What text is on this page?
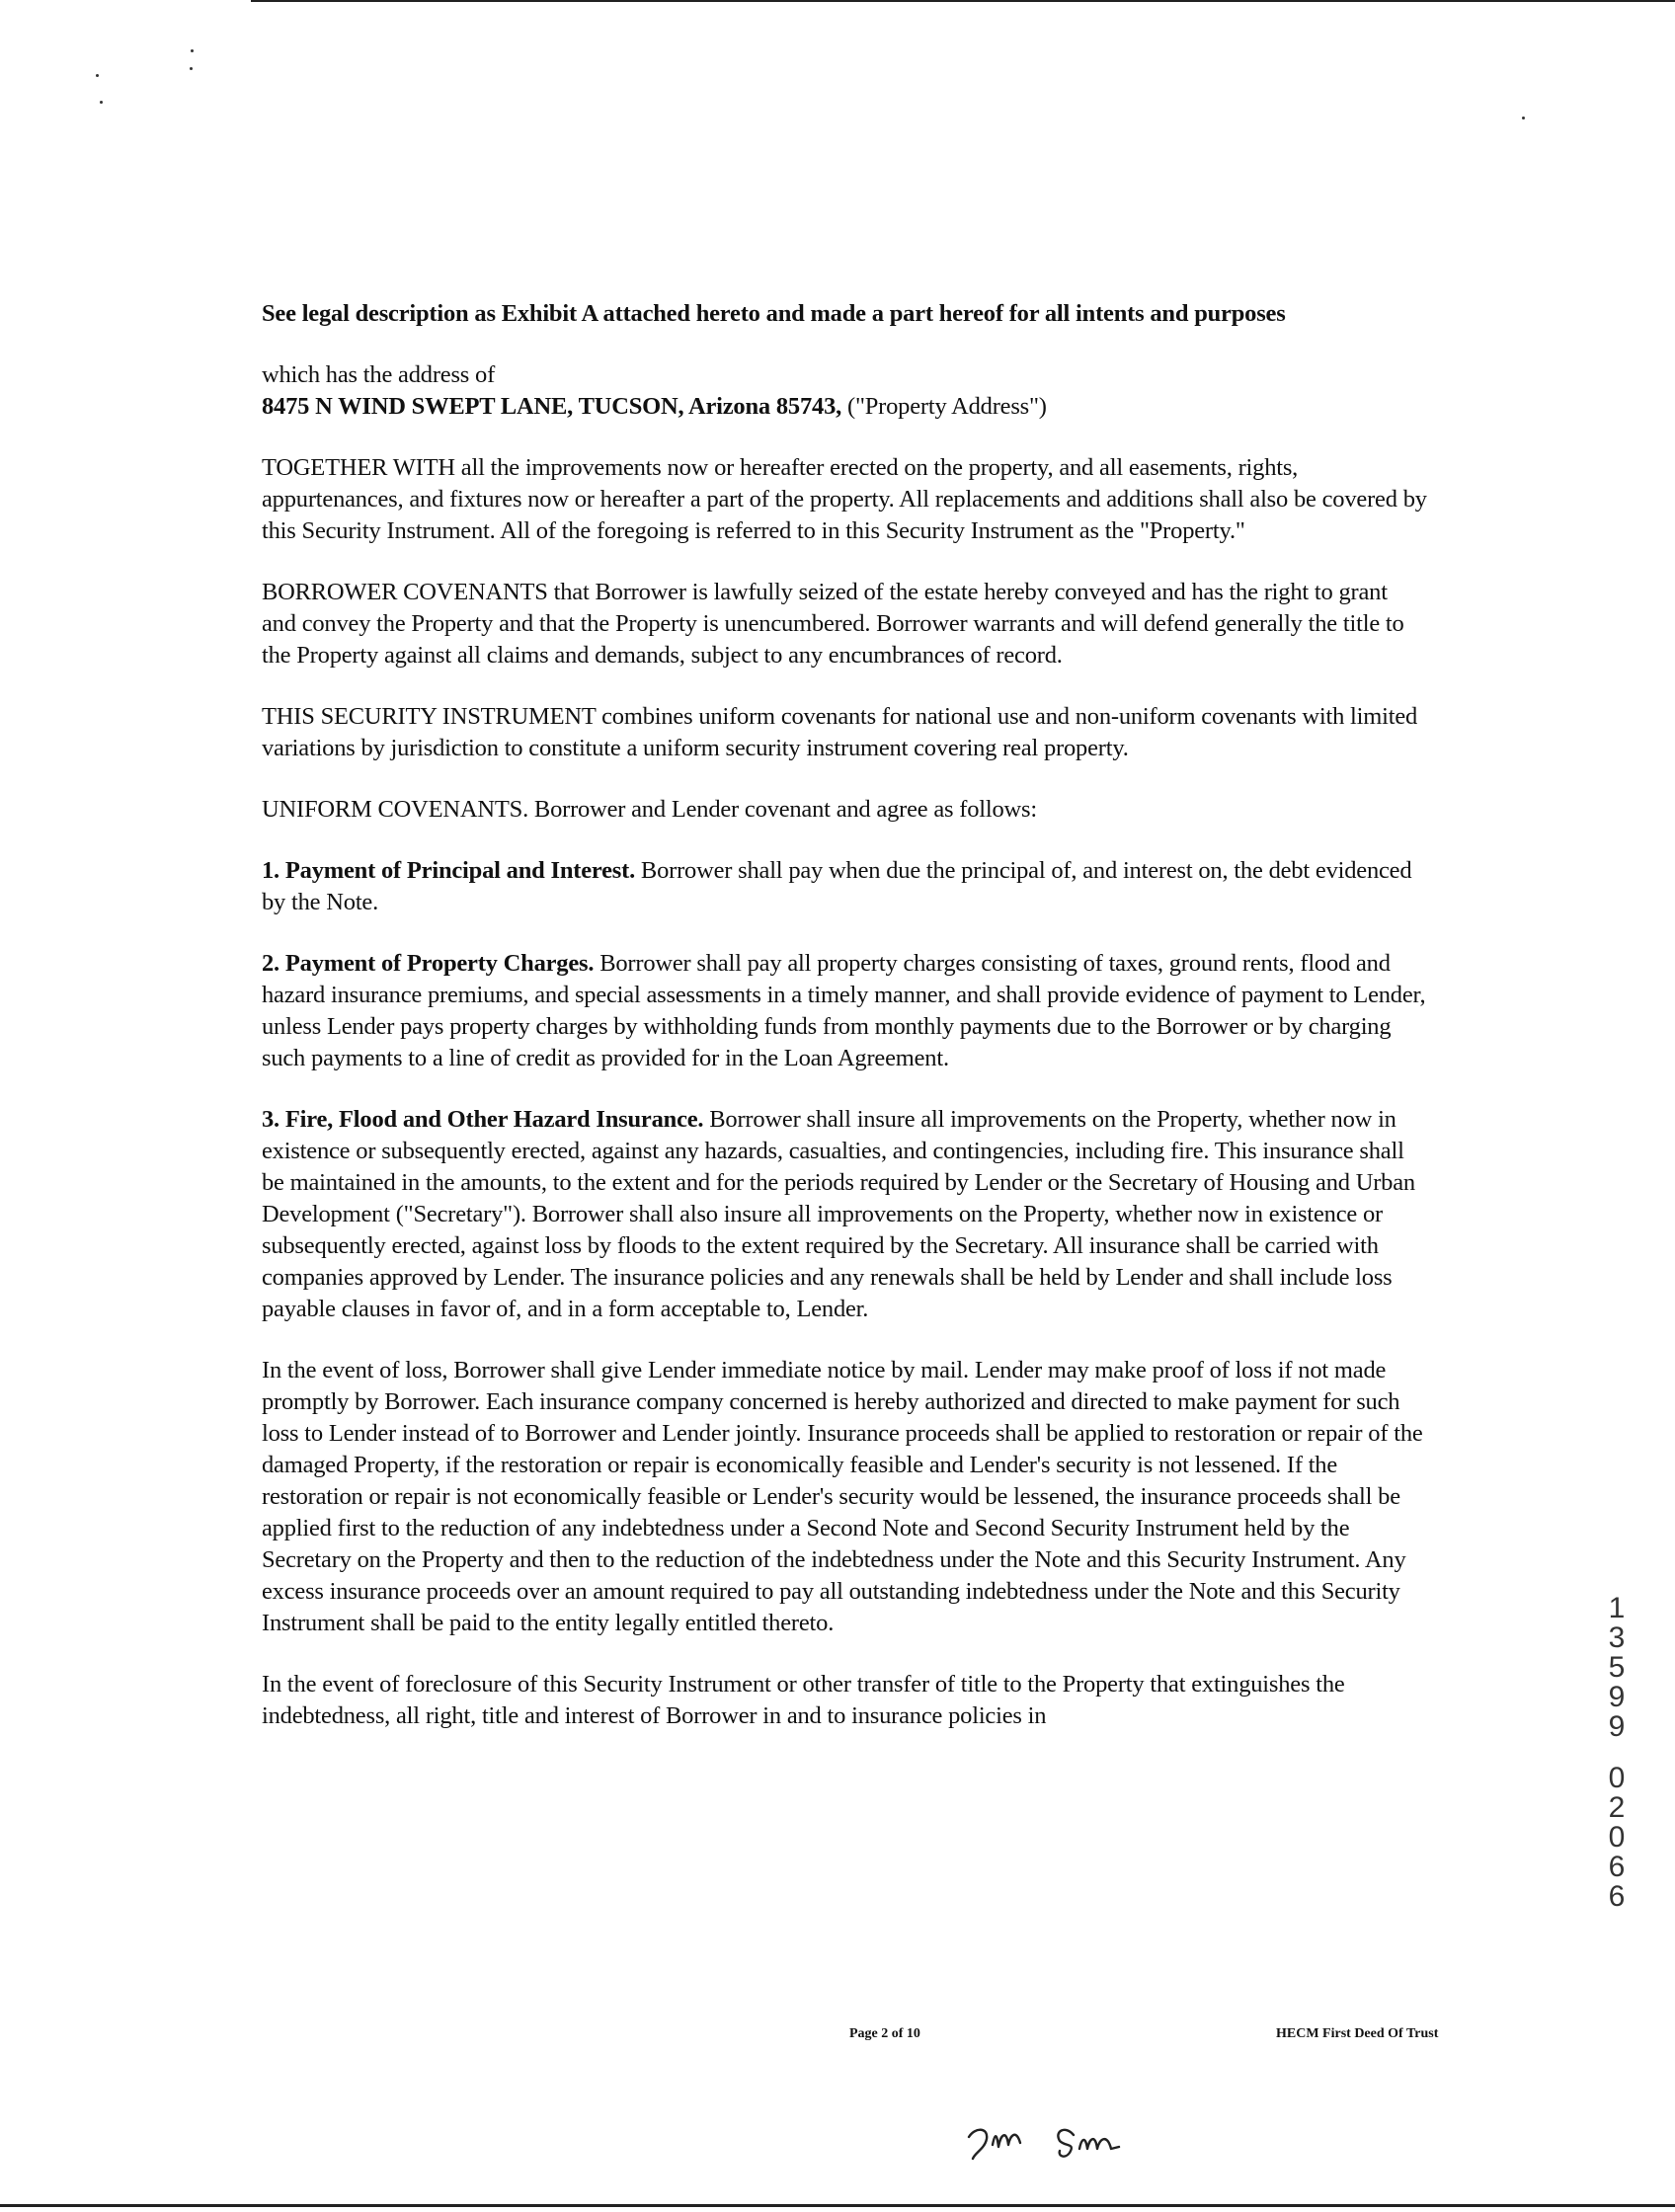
See legal description as Exhibit A attached hereto and made a part hereof for all intents and purposes

which has the address of
8475 N WIND SWEPT LANE, TUCSON, Arizona 85743, ("Property Address")

TOGETHER WITH all the improvements now or hereafter erected on the property, and all easements, rights, appurtenances, and fixtures now or hereafter a part of the property. All replacements and additions shall also be covered by this Security Instrument. All of the foregoing is referred to in this Security Instrument as the "Property."

BORROWER COVENANTS that Borrower is lawfully seized of the estate hereby conveyed and has the right to grant and convey the Property and that the Property is unencumbered. Borrower warrants and will defend generally the title to the Property against all claims and demands, subject to any encumbrances of record.

THIS SECURITY INSTRUMENT combines uniform covenants for national use and non-uniform covenants with limited variations by jurisdiction to constitute a uniform security instrument covering real property.

UNIFORM COVENANTS. Borrower and Lender covenant and agree as follows:

1. Payment of Principal and Interest. Borrower shall pay when due the principal of, and interest on, the debt evidenced by the Note.

2. Payment of Property Charges. Borrower shall pay all property charges consisting of taxes, ground rents, flood and hazard insurance premiums, and special assessments in a timely manner, and shall provide evidence of payment to Lender, unless Lender pays property charges by withholding funds from monthly payments due to the Borrower or by charging such payments to a line of credit as provided for in the Loan Agreement.

3. Fire, Flood and Other Hazard Insurance. Borrower shall insure all improvements on the Property, whether now in existence or subsequently erected, against any hazards, casualties, and contingencies, including fire. This insurance shall be maintained in the amounts, to the extent and for the periods required by Lender or the Secretary of Housing and Urban Development ("Secretary"). Borrower shall also insure all improvements on the Property, whether now in existence or subsequently erected, against loss by floods to the extent required by the Secretary. All insurance shall be carried with companies approved by Lender. The insurance policies and any renewals shall be held by Lender and shall include loss payable clauses in favor of, and in a form acceptable to, Lender.

In the event of loss, Borrower shall give Lender immediate notice by mail. Lender may make proof of loss if not made promptly by Borrower. Each insurance company concerned is hereby authorized and directed to make payment for such loss to Lender instead of to Borrower and Lender jointly. Insurance proceeds shall be applied to restoration or repair of the damaged Property, if the restoration or repair is economically feasible and Lender's security is not lessened. If the restoration or repair is not economically feasible or Lender's security would be lessened, the insurance proceeds shall be applied first to the reduction of any indebtedness under a Second Note and Second Security Instrument held by the Secretary on the Property and then to the reduction of the indebtedness under the Note and this Security Instrument. Any excess insurance proceeds over an amount required to pay all outstanding indebtedness under the Note and this Security Instrument shall be paid to the entity legally entitled thereto.

In the event of foreclosure of this Security Instrument or other transfer of title to the Property that extinguishes the indebtedness, all right, title and interest of Borrower in and to insurance policies in

1
3
5
9
9
0
2
0
6
6
Page 2 of 10	HECM First Deed Of Trust
